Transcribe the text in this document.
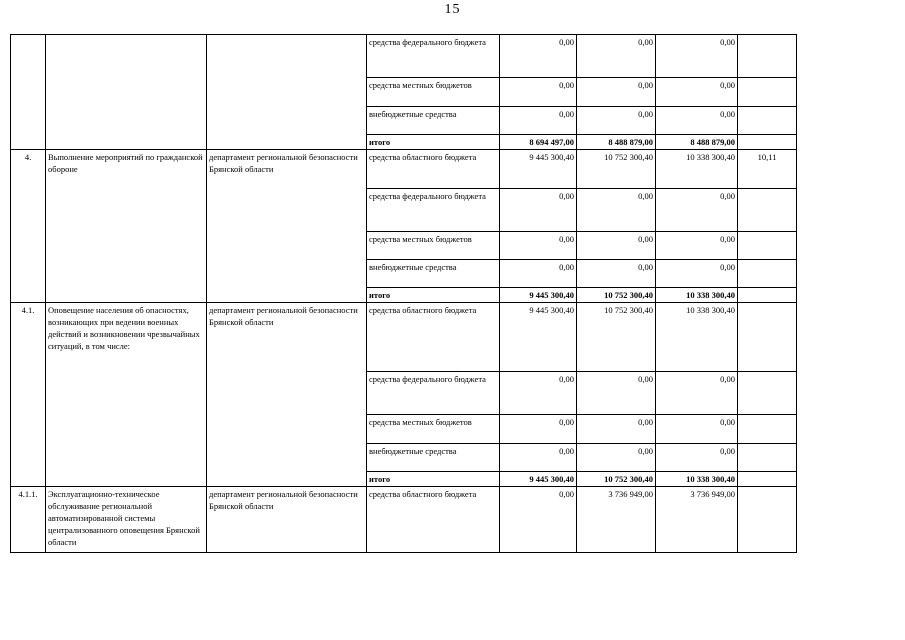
15
			средства федерального бюджета	0,00	0,00	0,00	
			средства местных бюджетов	0,00	0,00	0,00	
			внебюджетные средства	0,00	0,00	0,00	
			итого	8 694 497,00	8 488 879,00	8 488 879,00	
4.	Выполнение мероприятий по гражданской обороне	департамент региональной безопасности Брянской области	средства областного бюджета	9 445 300,40	10 752 300,40	10 338 300,40	10,11
			средства федерального бюджета	0,00	0,00	0,00	
			средства местных бюджетов	0,00	0,00	0,00	
			внебюджетные средства	0,00	0,00	0,00	
			итого	9 445 300,40	10 752 300,40	10 338 300,40	
4.1.	Оповещение населения об опасностях, возникающих при ведении военных действий и возникновении чрезвычайных ситуаций, в том числе:	департамент региональной безопасности Брянской области	средства областного бюджета	9 445 300,40	10 752 300,40	10 338 300,40	
			средства федерального бюджета	0,00	0,00	0,00	
			средства местных бюджетов	0,00	0,00	0,00	
			внебюджетные средства	0,00	0,00	0,00	
			итого	9 445 300,40	10 752 300,40	10 338 300,40	
4.1.1.	Эксплуатационно-техническое обслуживание региональной автоматизированной системы централизованного оповещения Брянской области	департамент региональной безопасности Брянской области	средства областного бюджета	0,00	3 736 949,00	3 736 949,00	
